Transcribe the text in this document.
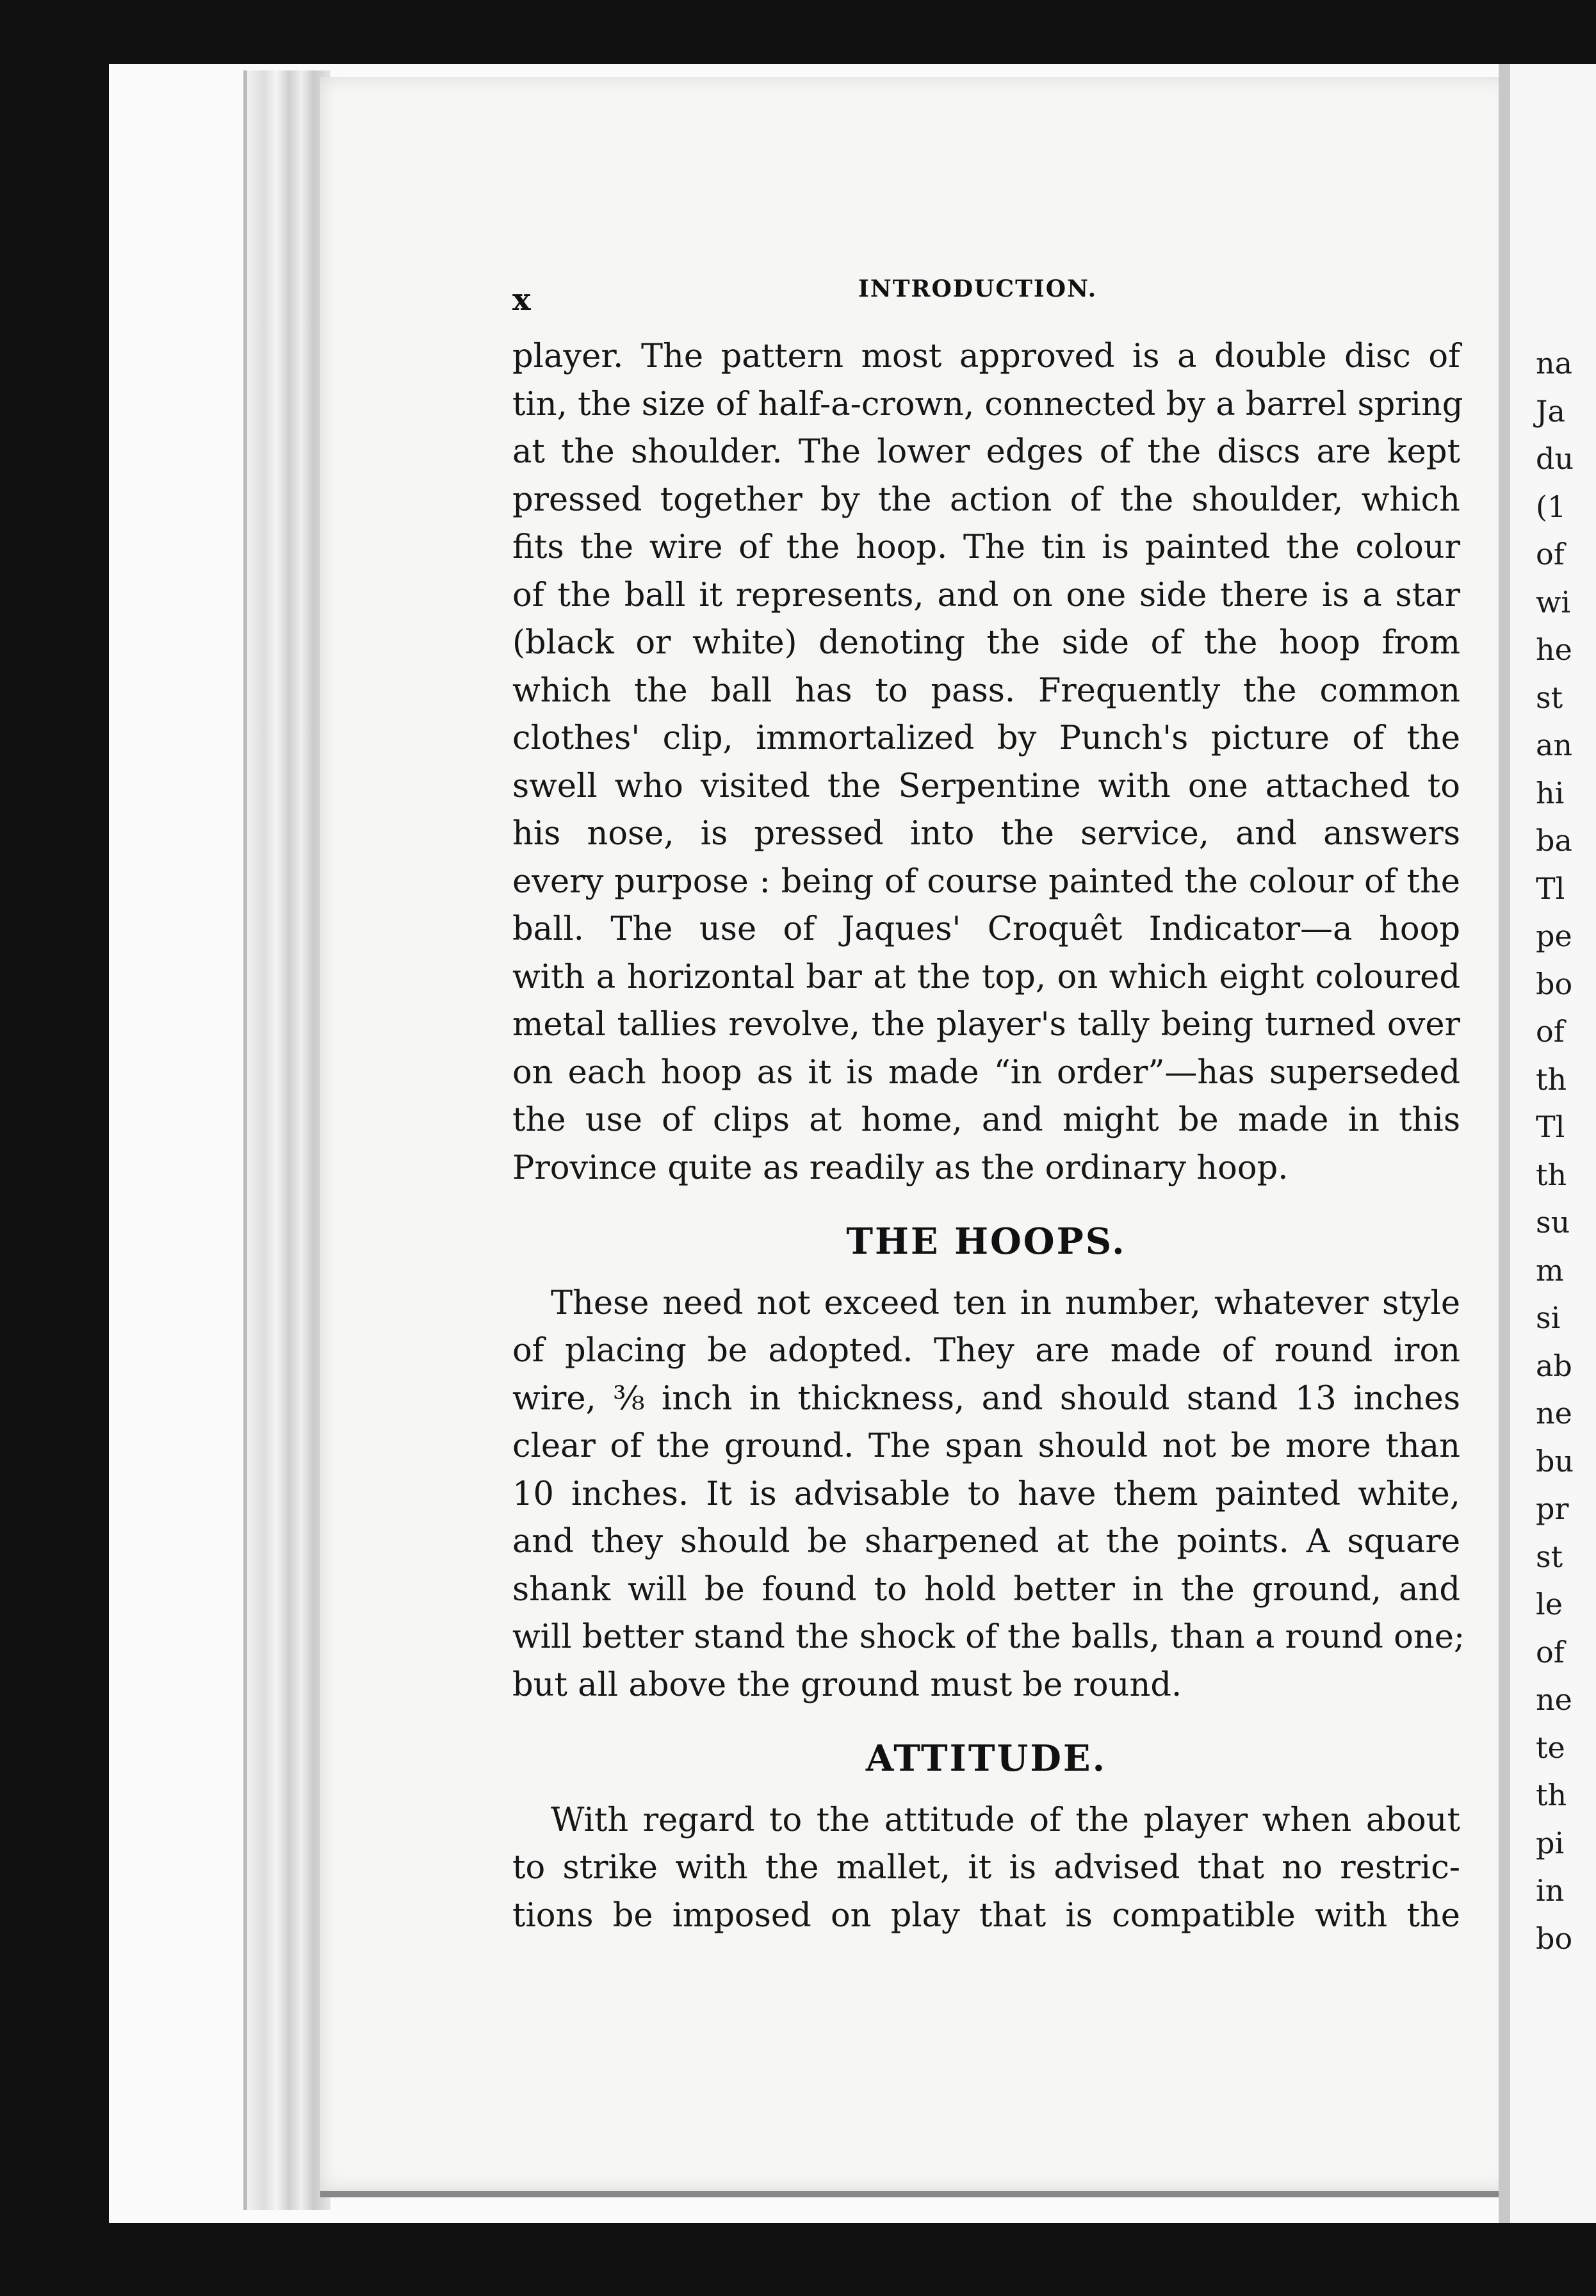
na
Ja
du
(1
of
wi
he
st
an
hi
ba
Tl
pe
bo
of
th
Tl
th
su
m
si
ab
ne
bu
pr
st
le
of
ne
te
th
pi
in
bo
x	INTRODUCTION.
player. The pattern most approved is a double disc of
tin, the size of half-a-crown, connected by a barrel spring
at the shoulder. The lower edges of the discs are kept
pressed together by the action of the shoulder, which
fits the wire of the hoop. The tin is painted the colour
of the ball it represents, and on one side there is a star
(black or white) denoting the side of the hoop from
which the ball has to pass. Frequently the common
clothes' clip, immortalized by Punch's picture of the
swell who visited the Serpentine with one attached to
his nose, is pressed into the service, and answers
every purpose : being of course painted the colour of the
ball. The use of Jaques' Croquêt Indicator—a hoop
with a horizontal bar at the top, on which eight coloured
metal tallies revolve, the player's tally being turned over
on each hoop as it is made “in order”—has superseded
the use of clips at home, and might be made in this
Province quite as readily as the ordinary hoop.
THE HOOPS.
These need not exceed ten in number, whatever style
of placing be adopted. They are made of round iron
wire, ⅜ inch in thickness, and should stand 13 inches
clear of the ground. The span should not be more than
10 inches. It is advisable to have them painted white,
and they should be sharpened at the points. A square
shank will be found to hold better in the ground, and
will better stand the shock of the balls, than a round one;
but all above the ground must be round.
ATTITUDE.
With regard to the attitude of the player when about
to strike with the mallet, it is advised that no restric-
tions be imposed on play that is compatible with the
